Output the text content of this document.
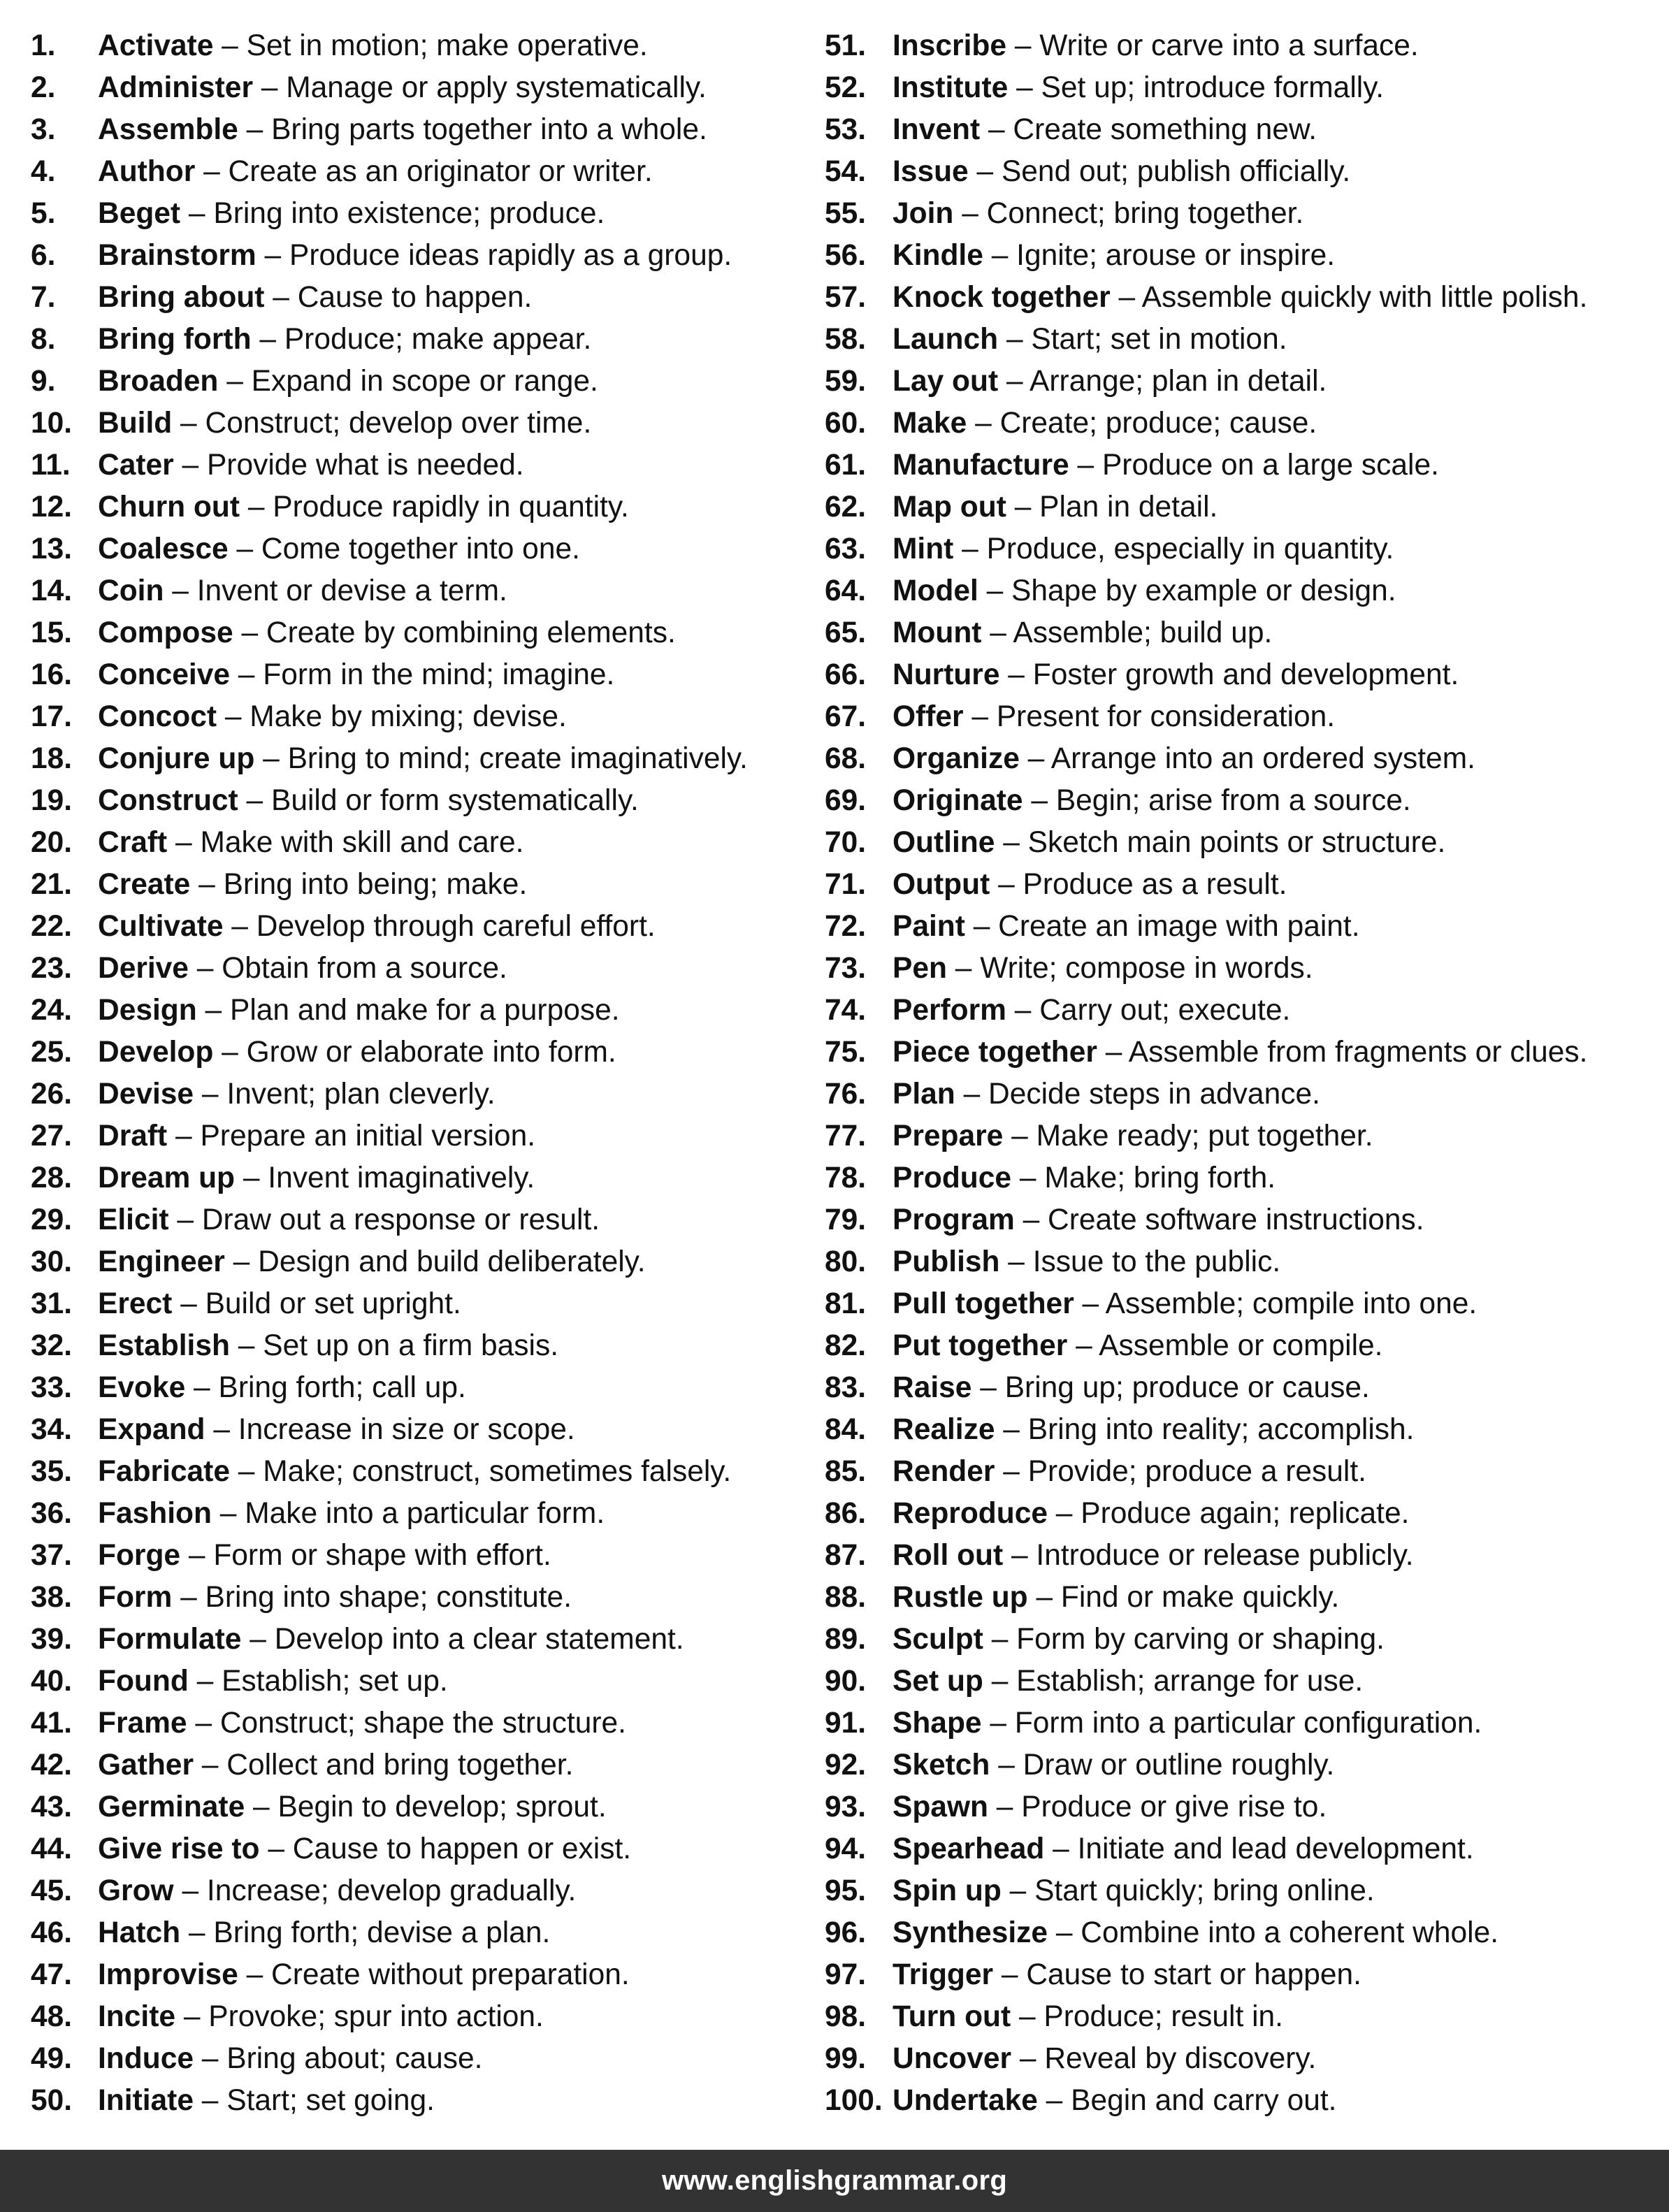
1. Activate – Set in motion; make operative.
2. Administer – Manage or apply systematically.
3. Assemble – Bring parts together into a whole.
4. Author – Create as an originator or writer.
5. Beget – Bring into existence; produce.
6. Brainstorm – Produce ideas rapidly as a group.
7. Bring about – Cause to happen.
8. Bring forth – Produce; make appear.
9. Broaden – Expand in scope or range.
10. Build – Construct; develop over time.
11. Cater – Provide what is needed.
12. Churn out – Produce rapidly in quantity.
13. Coalesce – Come together into one.
14. Coin – Invent or devise a term.
15. Compose – Create by combining elements.
16. Conceive – Form in the mind; imagine.
17. Concoct – Make by mixing; devise.
18. Conjure up – Bring to mind; create imaginatively.
19. Construct – Build or form systematically.
20. Craft – Make with skill and care.
21. Create – Bring into being; make.
22. Cultivate – Develop through careful effort.
23. Derive – Obtain from a source.
24. Design – Plan and make for a purpose.
25. Develop – Grow or elaborate into form.
26. Devise – Invent; plan cleverly.
27. Draft – Prepare an initial version.
28. Dream up – Invent imaginatively.
29. Elicit – Draw out a response or result.
30. Engineer – Design and build deliberately.
31. Erect – Build or set upright.
32. Establish – Set up on a firm basis.
33. Evoke – Bring forth; call up.
34. Expand – Increase in size or scope.
35. Fabricate – Make; construct, sometimes falsely.
36. Fashion – Make into a particular form.
37. Forge – Form or shape with effort.
38. Form – Bring into shape; constitute.
39. Formulate – Develop into a clear statement.
40. Found – Establish; set up.
41. Frame – Construct; shape the structure.
42. Gather – Collect and bring together.
43. Germinate – Begin to develop; sprout.
44. Give rise to – Cause to happen or exist.
45. Grow – Increase; develop gradually.
46. Hatch – Bring forth; devise a plan.
47. Improvise – Create without preparation.
48. Incite – Provoke; spur into action.
49. Induce – Bring about; cause.
50. Initiate – Start; set going.
51. Inscribe – Write or carve into a surface.
52. Institute – Set up; introduce formally.
53. Invent – Create something new.
54. Issue – Send out; publish officially.
55. Join – Connect; bring together.
56. Kindle – Ignite; arouse or inspire.
57. Knock together – Assemble quickly with little polish.
58. Launch – Start; set in motion.
59. Lay out – Arrange; plan in detail.
60. Make – Create; produce; cause.
61. Manufacture – Produce on a large scale.
62. Map out – Plan in detail.
63. Mint – Produce, especially in quantity.
64. Model – Shape by example or design.
65. Mount – Assemble; build up.
66. Nurture – Foster growth and development.
67. Offer – Present for consideration.
68. Organize – Arrange into an ordered system.
69. Originate – Begin; arise from a source.
70. Outline – Sketch main points or structure.
71. Output – Produce as a result.
72. Paint – Create an image with paint.
73. Pen – Write; compose in words.
74. Perform – Carry out; execute.
75. Piece together – Assemble from fragments or clues.
76. Plan – Decide steps in advance.
77. Prepare – Make ready; put together.
78. Produce – Make; bring forth.
79. Program – Create software instructions.
80. Publish – Issue to the public.
81. Pull together – Assemble; compile into one.
82. Put together – Assemble or compile.
83. Raise – Bring up; produce or cause.
84. Realize – Bring into reality; accomplish.
85. Render – Provide; produce a result.
86. Reproduce – Produce again; replicate.
87. Roll out – Introduce or release publicly.
88. Rustle up – Find or make quickly.
89. Sculpt – Form by carving or shaping.
90. Set up – Establish; arrange for use.
91. Shape – Form into a particular configuration.
92. Sketch – Draw or outline roughly.
93. Spawn – Produce or give rise to.
94. Spearhead – Initiate and lead development.
95. Spin up – Start quickly; bring online.
96. Synthesize – Combine into a coherent whole.
97. Trigger – Cause to start or happen.
98. Turn out – Produce; result in.
99. Uncover – Reveal by discovery.
100. Undertake – Begin and carry out.
www.englishgrammar.org
